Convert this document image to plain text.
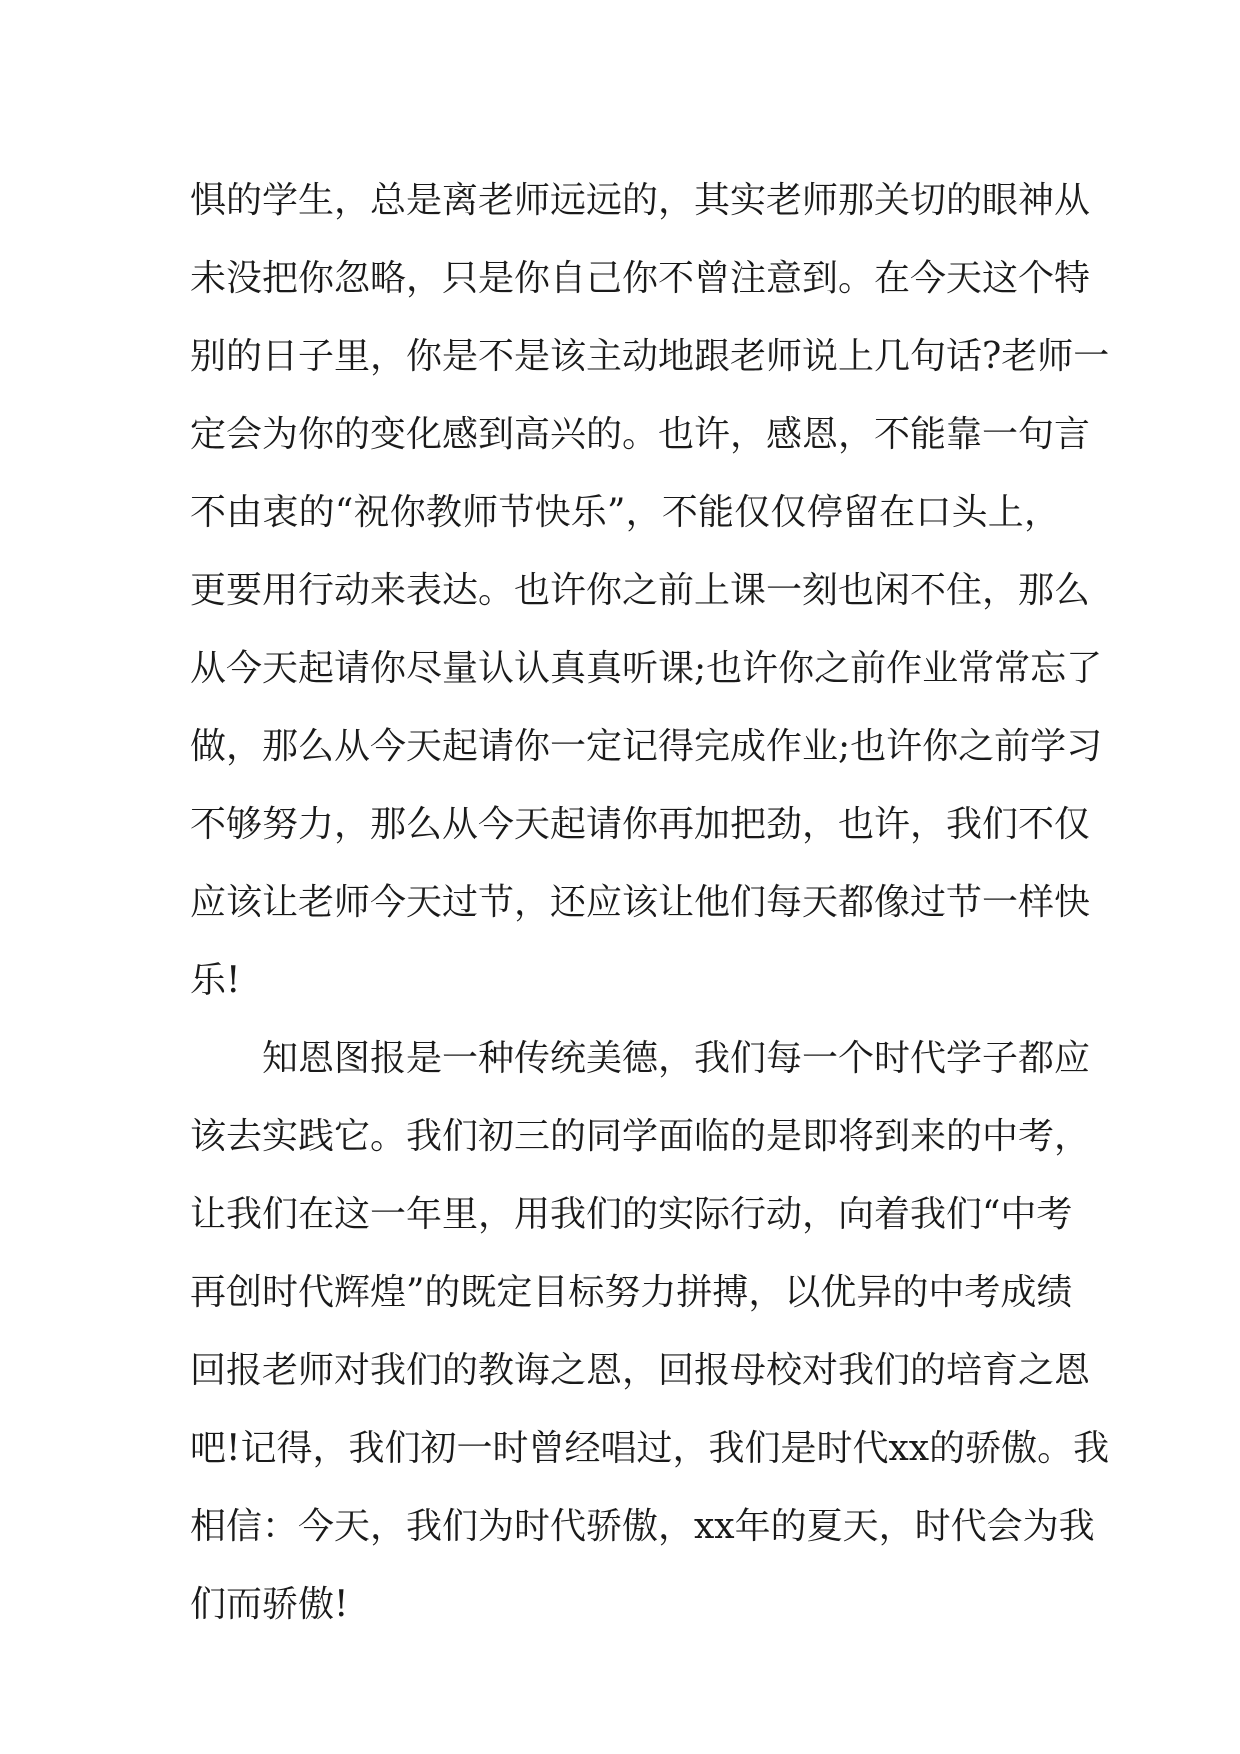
惧的学生，总是离老师远远的，其实老师那关切的眼神从
未没把你忽略，只是你自己你不曾注意到。在今天这个特
别的日子里，你是不是该主动地跟老师说上几句话?老师一
定会为你的变化感到高兴的。也许，感恩，不能靠一句言
不由衷的“祝你教师节快乐”，不能仅仅停留在口头上，
更要用行动来表达。也许你之前上课一刻也闲不住，那么
从今天起请你尽量认认真真听课;也许你之前作业常常忘了
做，那么从今天起请你一定记得完成作业;也许你之前学习
不够努力，那么从今天起请你再加把劲，也许，我们不仅
应该让老师今天过节，还应该让他们每天都像过节一样快
乐!
知恩图报是一种传统美德，我们每一个时代学子都应
该去实践它。我们初三的同学面临的是即将到来的中考，
让我们在这一年里，用我们的实际行动，向着我们“中考
再创时代辉煌”的既定目标努力拼搏，以优异的中考成绩
回报老师对我们的教诲之恩，回报母校对我们的培育之恩
吧!记得，我们初一时曾经唱过，我们是时代xx的骄傲。我
相信：今天，我们为时代骄傲，xx年的夏天，时代会为我
们而骄傲!
